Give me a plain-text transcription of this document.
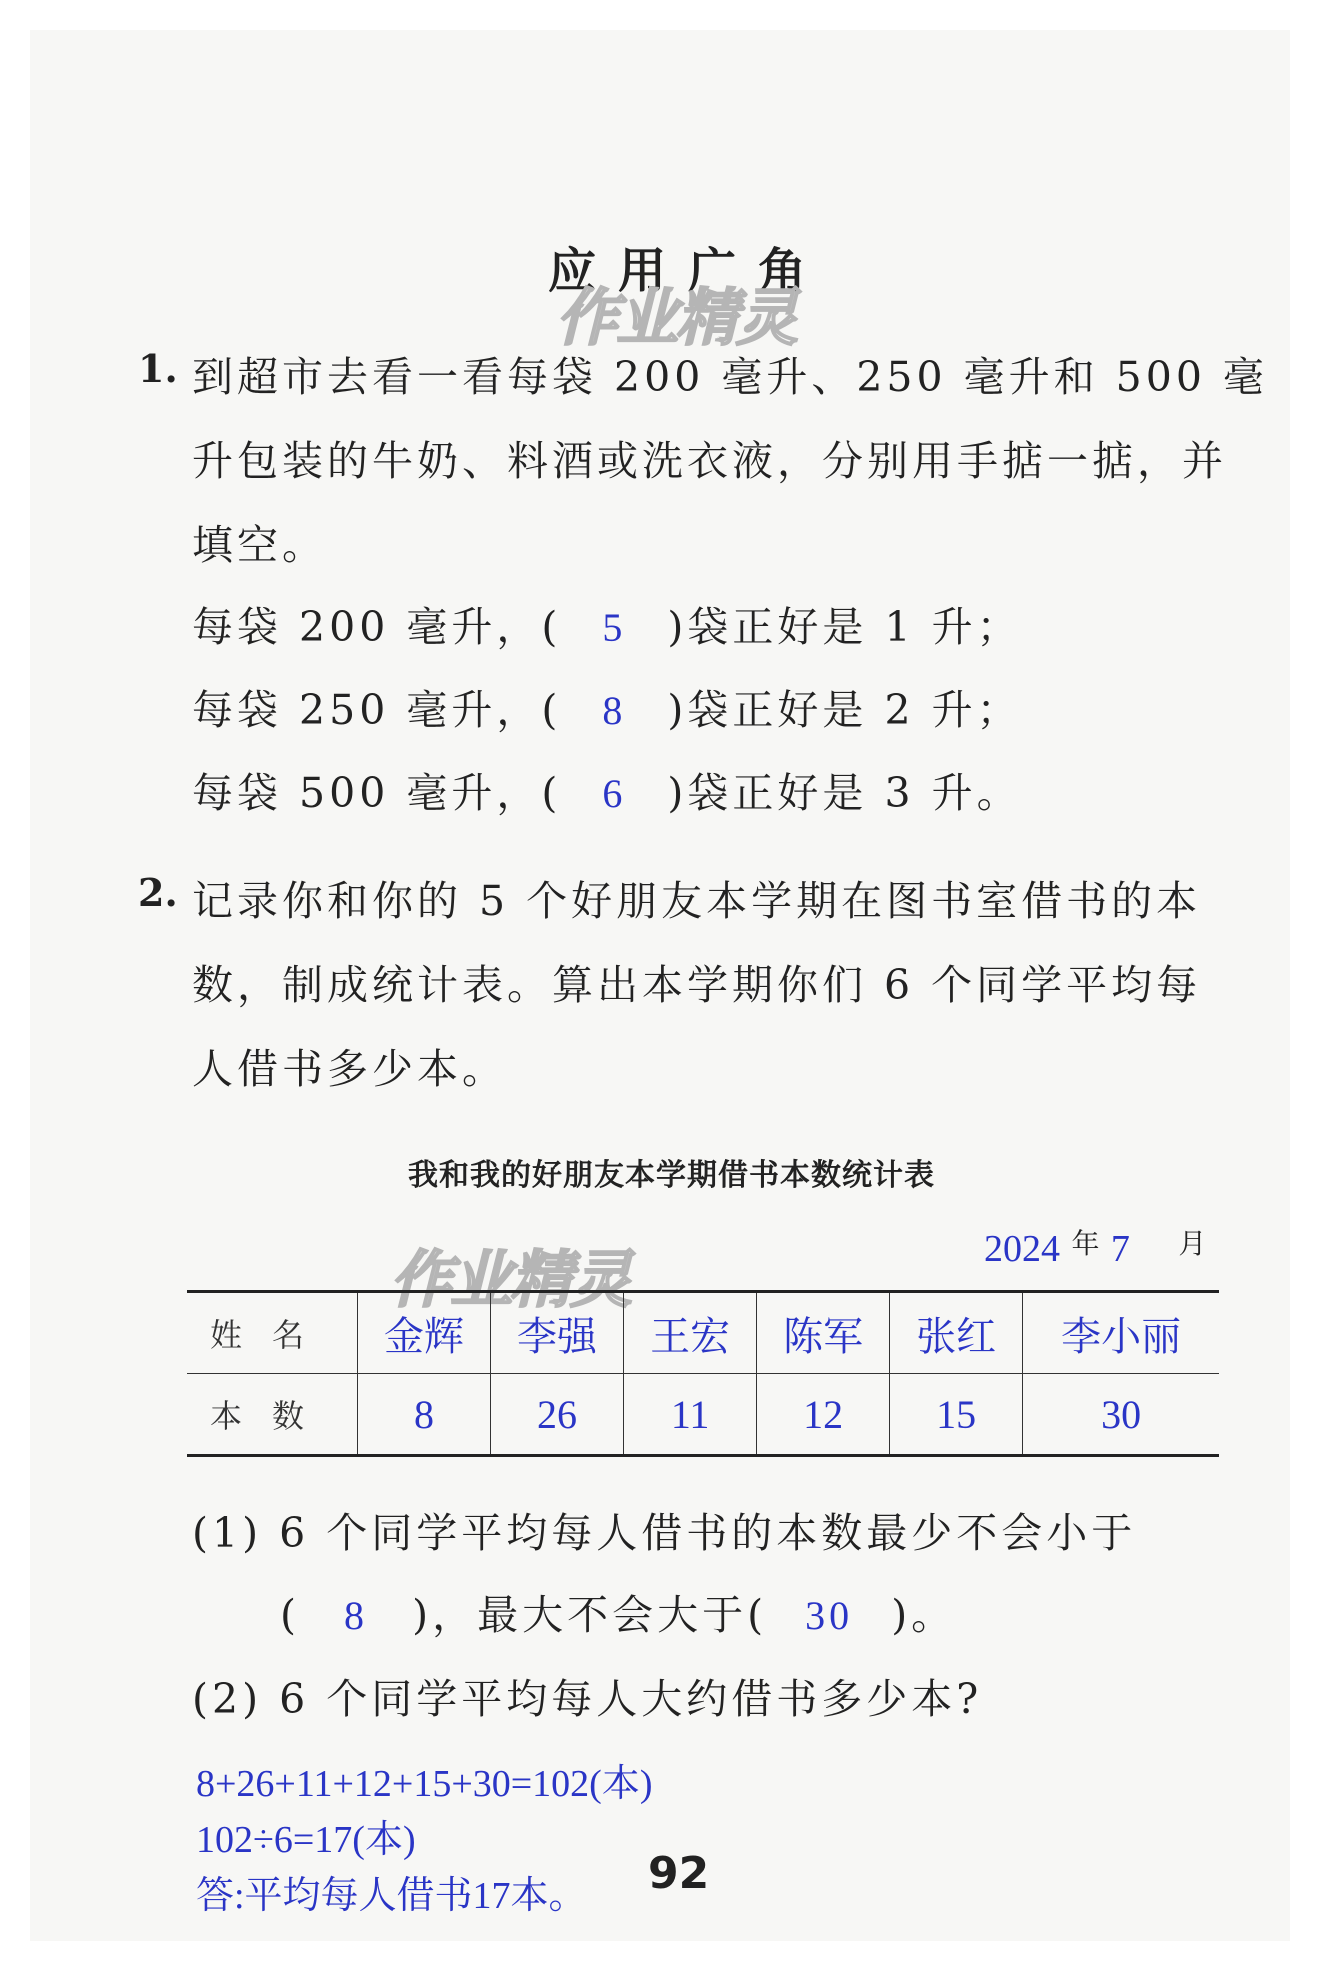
应用广角
作业精灵
1. 到超市去看一看每袋 200 毫升、250 毫升和 500 毫
升包装的牛奶、料酒或洗衣液，分别用手掂一掂，并
填空。
每袋 200 毫升，( 5 )袋正好是 1 升；
每袋 250 毫升，( 8 )袋正好是 2 升；
每袋 500 毫升，( 6 )袋正好是 3 升。
2. 记录你和你的 5 个好朋友本学期在图书室借书的本
数，制成统计表。算出本学期你们 6 个同学平均每
人借书多少本。
我和我的好朋友本学期借书本数统计表
作业精灵	2024 $^年$ 7 $^月$
姓名	金辉	李强	王宏	陈军	张红	李小丽
本数	8	26	11	12	15	30
(1) 6 个同学平均每人借书的本数最少不会小于
( 8 )，最大不会大于( 30 )。
(2) 6 个同学平均每人大约借书多少本?
8+26+11+12+15+30=102(本)
102÷6=17(本)
答:平均每人借书17本。 92
